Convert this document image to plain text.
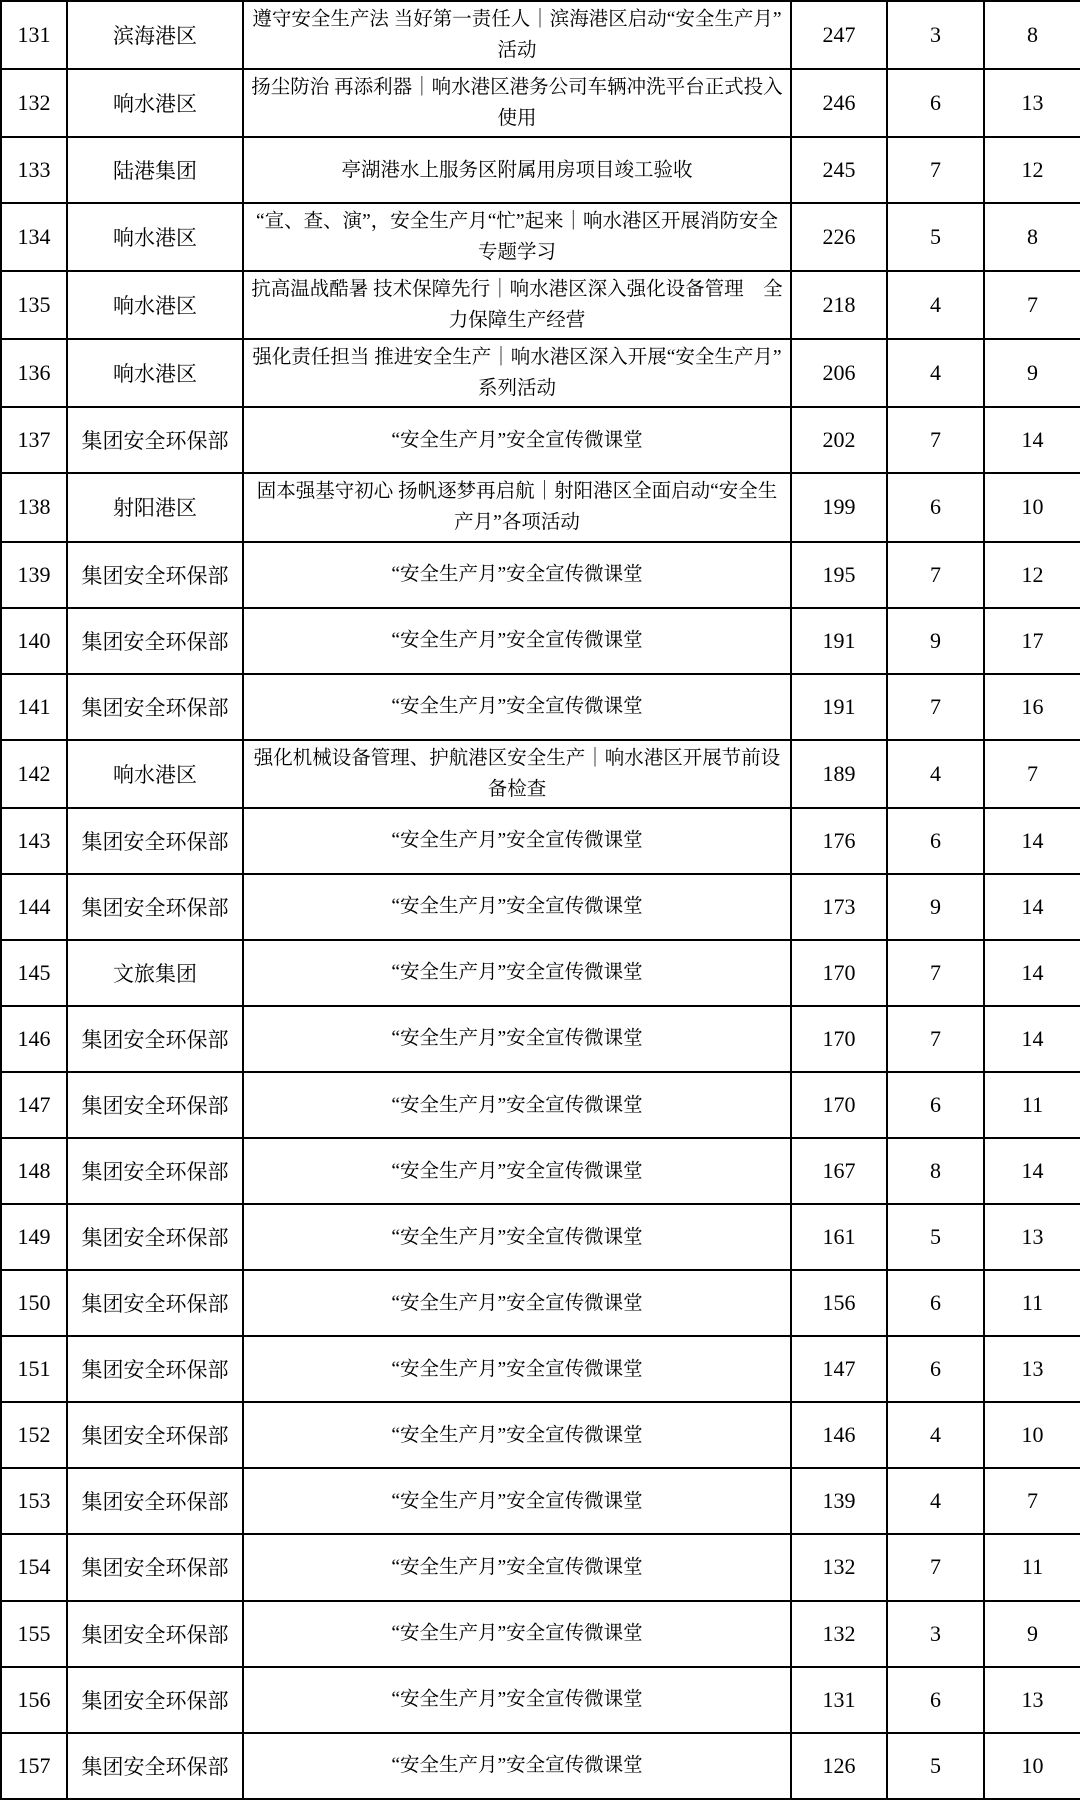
131	滨海港区	遵守安全生产法 当好第一责任人｜滨海港区启动“安全生产月”活动	247	3	8
132	响水港区	扬尘防治 再添利器｜响水港区港务公司车辆冲洗平台正式投入使用	246	6	13
133	陆港集团	亭湖港水上服务区附属用房项目竣工验收	245	7	12
134	响水港区	“宣、查、演”，安全生产月“忙”起来｜响水港区开展消防安全专题学习	226	5	8
135	响水港区	抗高温战酷暑 技术保障先行｜响水港区深入强化设备管理　全力保障生产经营	218	4	7
136	响水港区	强化责任担当 推进安全生产｜响水港区深入开展“安全生产月”系列活动	206	4	9
137	集团安全环保部	“安全生产月”安全宣传微课堂	202	7	14
138	射阳港区	固本强基守初心 扬帆逐梦再启航｜射阳港区全面启动“安全生产月”各项活动	199	6	10
139	集团安全环保部	“安全生产月”安全宣传微课堂	195	7	12
140	集团安全环保部	“安全生产月”安全宣传微课堂	191	9	17
141	集团安全环保部	“安全生产月”安全宣传微课堂	191	7	16
142	响水港区	强化机械设备管理、护航港区安全生产｜响水港区开展节前设备检查	189	4	7
143	集团安全环保部	“安全生产月”安全宣传微课堂	176	6	14
144	集团安全环保部	“安全生产月”安全宣传微课堂	173	9	14
145	文旅集团	“安全生产月”安全宣传微课堂	170	7	14
146	集团安全环保部	“安全生产月”安全宣传微课堂	170	7	14
147	集团安全环保部	“安全生产月”安全宣传微课堂	170	6	11
148	集团安全环保部	“安全生产月”安全宣传微课堂	167	8	14
149	集团安全环保部	“安全生产月”安全宣传微课堂	161	5	13
150	集团安全环保部	“安全生产月”安全宣传微课堂	156	6	11
151	集团安全环保部	“安全生产月”安全宣传微课堂	147	6	13
152	集团安全环保部	“安全生产月”安全宣传微课堂	146	4	10
153	集团安全环保部	“安全生产月”安全宣传微课堂	139	4	7
154	集团安全环保部	“安全生产月”安全宣传微课堂	132	7	11
155	集团安全环保部	“安全生产月”安全宣传微课堂	132	3	9
156	集团安全环保部	“安全生产月”安全宣传微课堂	131	6	13
157	集团安全环保部	“安全生产月”安全宣传微课堂	126	5	10
